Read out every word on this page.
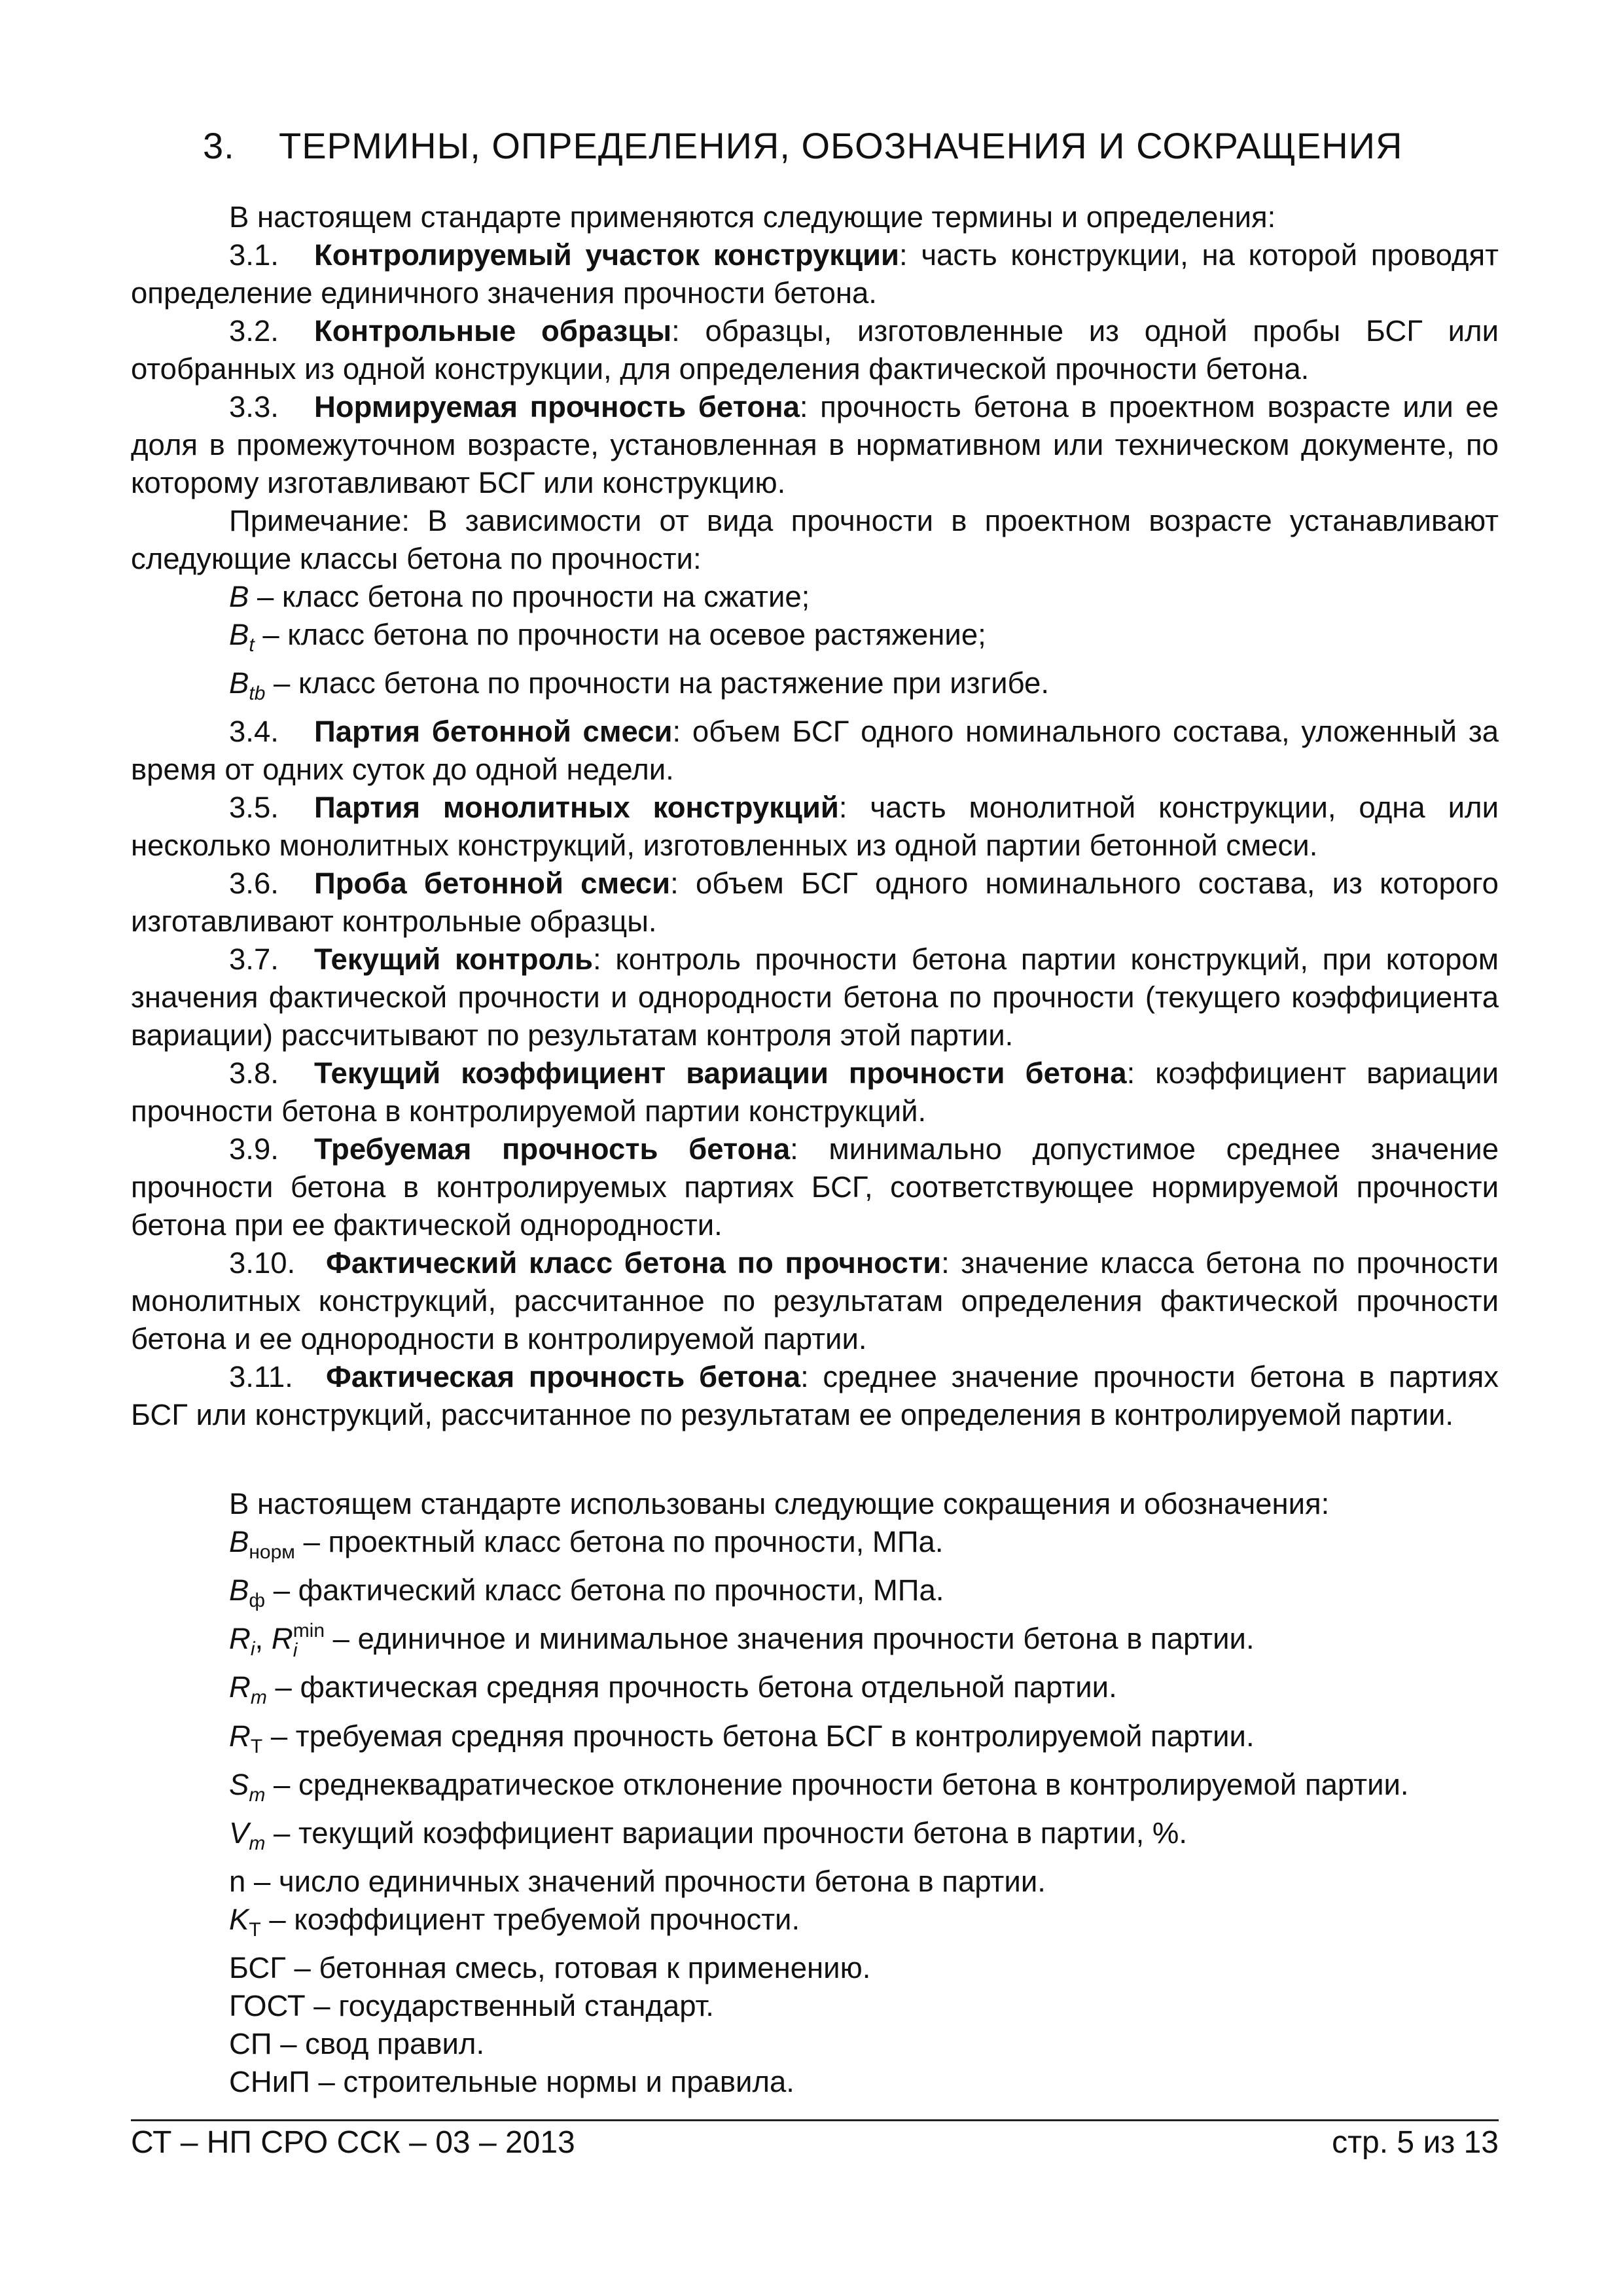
3. ТЕРМИНЫ, ОПРЕДЕЛЕНИЯ, ОБОЗНАЧЕНИЯ И СОКРАЩЕНИЯ

В настоящем стандарте применяются следующие термины и определения:

3.1. Контролируемый участок конструкции: часть конструкции, на которой проводят определение единичного значения прочности бетона.

3.2. Контрольные образцы: образцы, изготовленные из одной пробы БСГ или отобранных из одной конструкции, для определения фактической прочности бетона.

3.3. Нормируемая прочность бетона: прочность бетона в проектном возрасте или ее доля в промежуточном возрасте, установленная в нормативном или техническом документе, по которому изготавливают БСГ или конструкцию.

Примечание: В зависимости от вида прочности в проектном возрасте устанавливают следующие классы бетона по прочности:

B – класс бетона по прочности на сжатие;

$B_t$ – класс бетона по прочности на осевое растяжение;

$B_{tb}$ – класс бетона по прочности на растяжение при изгибе.

3.4. Партия бетонной смеси: объем БСГ одного номинального состава, уложенный за время от одних суток до одной недели.

3.5. Партия монолитных конструкций: часть монолитной конструкции, одна или несколько монолитных конструкций, изготовленных из одной партии бетонной смеси.

3.6. Проба бетонной смеси: объем БСГ одного номинального состава, из которого изготавливают контрольные образцы.

3.7. Текущий контроль: контроль прочности бетона партии конструкций, при котором значения фактической прочности и однородности бетона по прочности (текущего коэффициента вариации) рассчитывают по результатам контроля этой партии.

3.8. Текущий коэффициент вариации прочности бетона: коэффициент вариации прочности бетона в контролируемой партии конструкций.

3.9. Требуемая прочность бетона: минимально допустимое среднее значение прочности бетона в контролируемых партиях БСГ, соответствующее нормируемой прочности бетона при ее фактической однородности.

3.10. Фактический класс бетона по прочности: значение класса бетона по прочности монолитных конструкций, рассчитанное по результатам определения фактической прочности бетона и ее однородности в контролируемой партии.

3.11. Фактическая прочность бетона: среднее значение прочности бетона в партиях БСГ или конструкций, рассчитанное по результатам ее определения в контролируемой партии.

В настоящем стандарте использованы следующие сокращения и обозначения:

$B_{норм}$ – проектный класс бетона по прочности, МПа.

$B_ф$ – фактический класс бетона по прочности, МПа.

$R_i$, R i
min – единичное и минимальное значения прочности бетона в партии.

$R_m$ – фактическая средняя прочность бетона отдельной партии.

$R_T$ – требуемая средняя прочность бетона БСГ в контролируемой партии.

$S_m$ – среднеквадратическое отклонение прочности бетона в контролируемой партии.

$V_m$ – текущий коэффициент вариации прочности бетона в партии, %.

n – число единичных значений прочности бетона в партии.

$K_T$ – коэффициент требуемой прочности.

БСГ – бетонная смесь, готовая к применению.

ГОСТ – государственный стандарт.

СП – свод правил.

СНиП – строительные нормы и правила.

СТ – НП СРО ССК – 03 – 2013	стр. 5 из 13
